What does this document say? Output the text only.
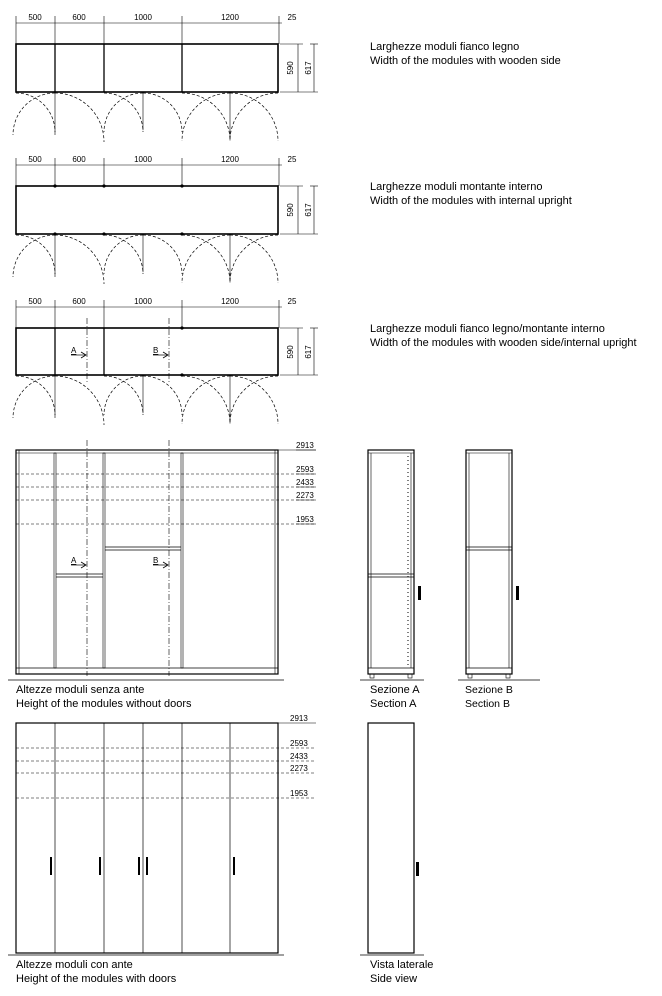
500	600	1000	1200	25
590 617
500	600	1000	1200	25
590 617
500	600	1000	1200	25
590 617
A	B
A	B
2913
2593
2433
2273
1953
2913
2593
2433
2273
1953
Larghezze moduli fianco legno
Width of the modules with wooden side
Larghezze moduli montante interno
Width of the modules with internal upright
Larghezze moduli fianco legno/montante interno
Width of the modules with wooden side/internal upright
Altezze moduli senza ante
Height of the modules without doors
Sezione A
Section A
Sezione B
Section B
Altezze moduli con ante
Height of the modules with doors
Vista laterale
Side view
